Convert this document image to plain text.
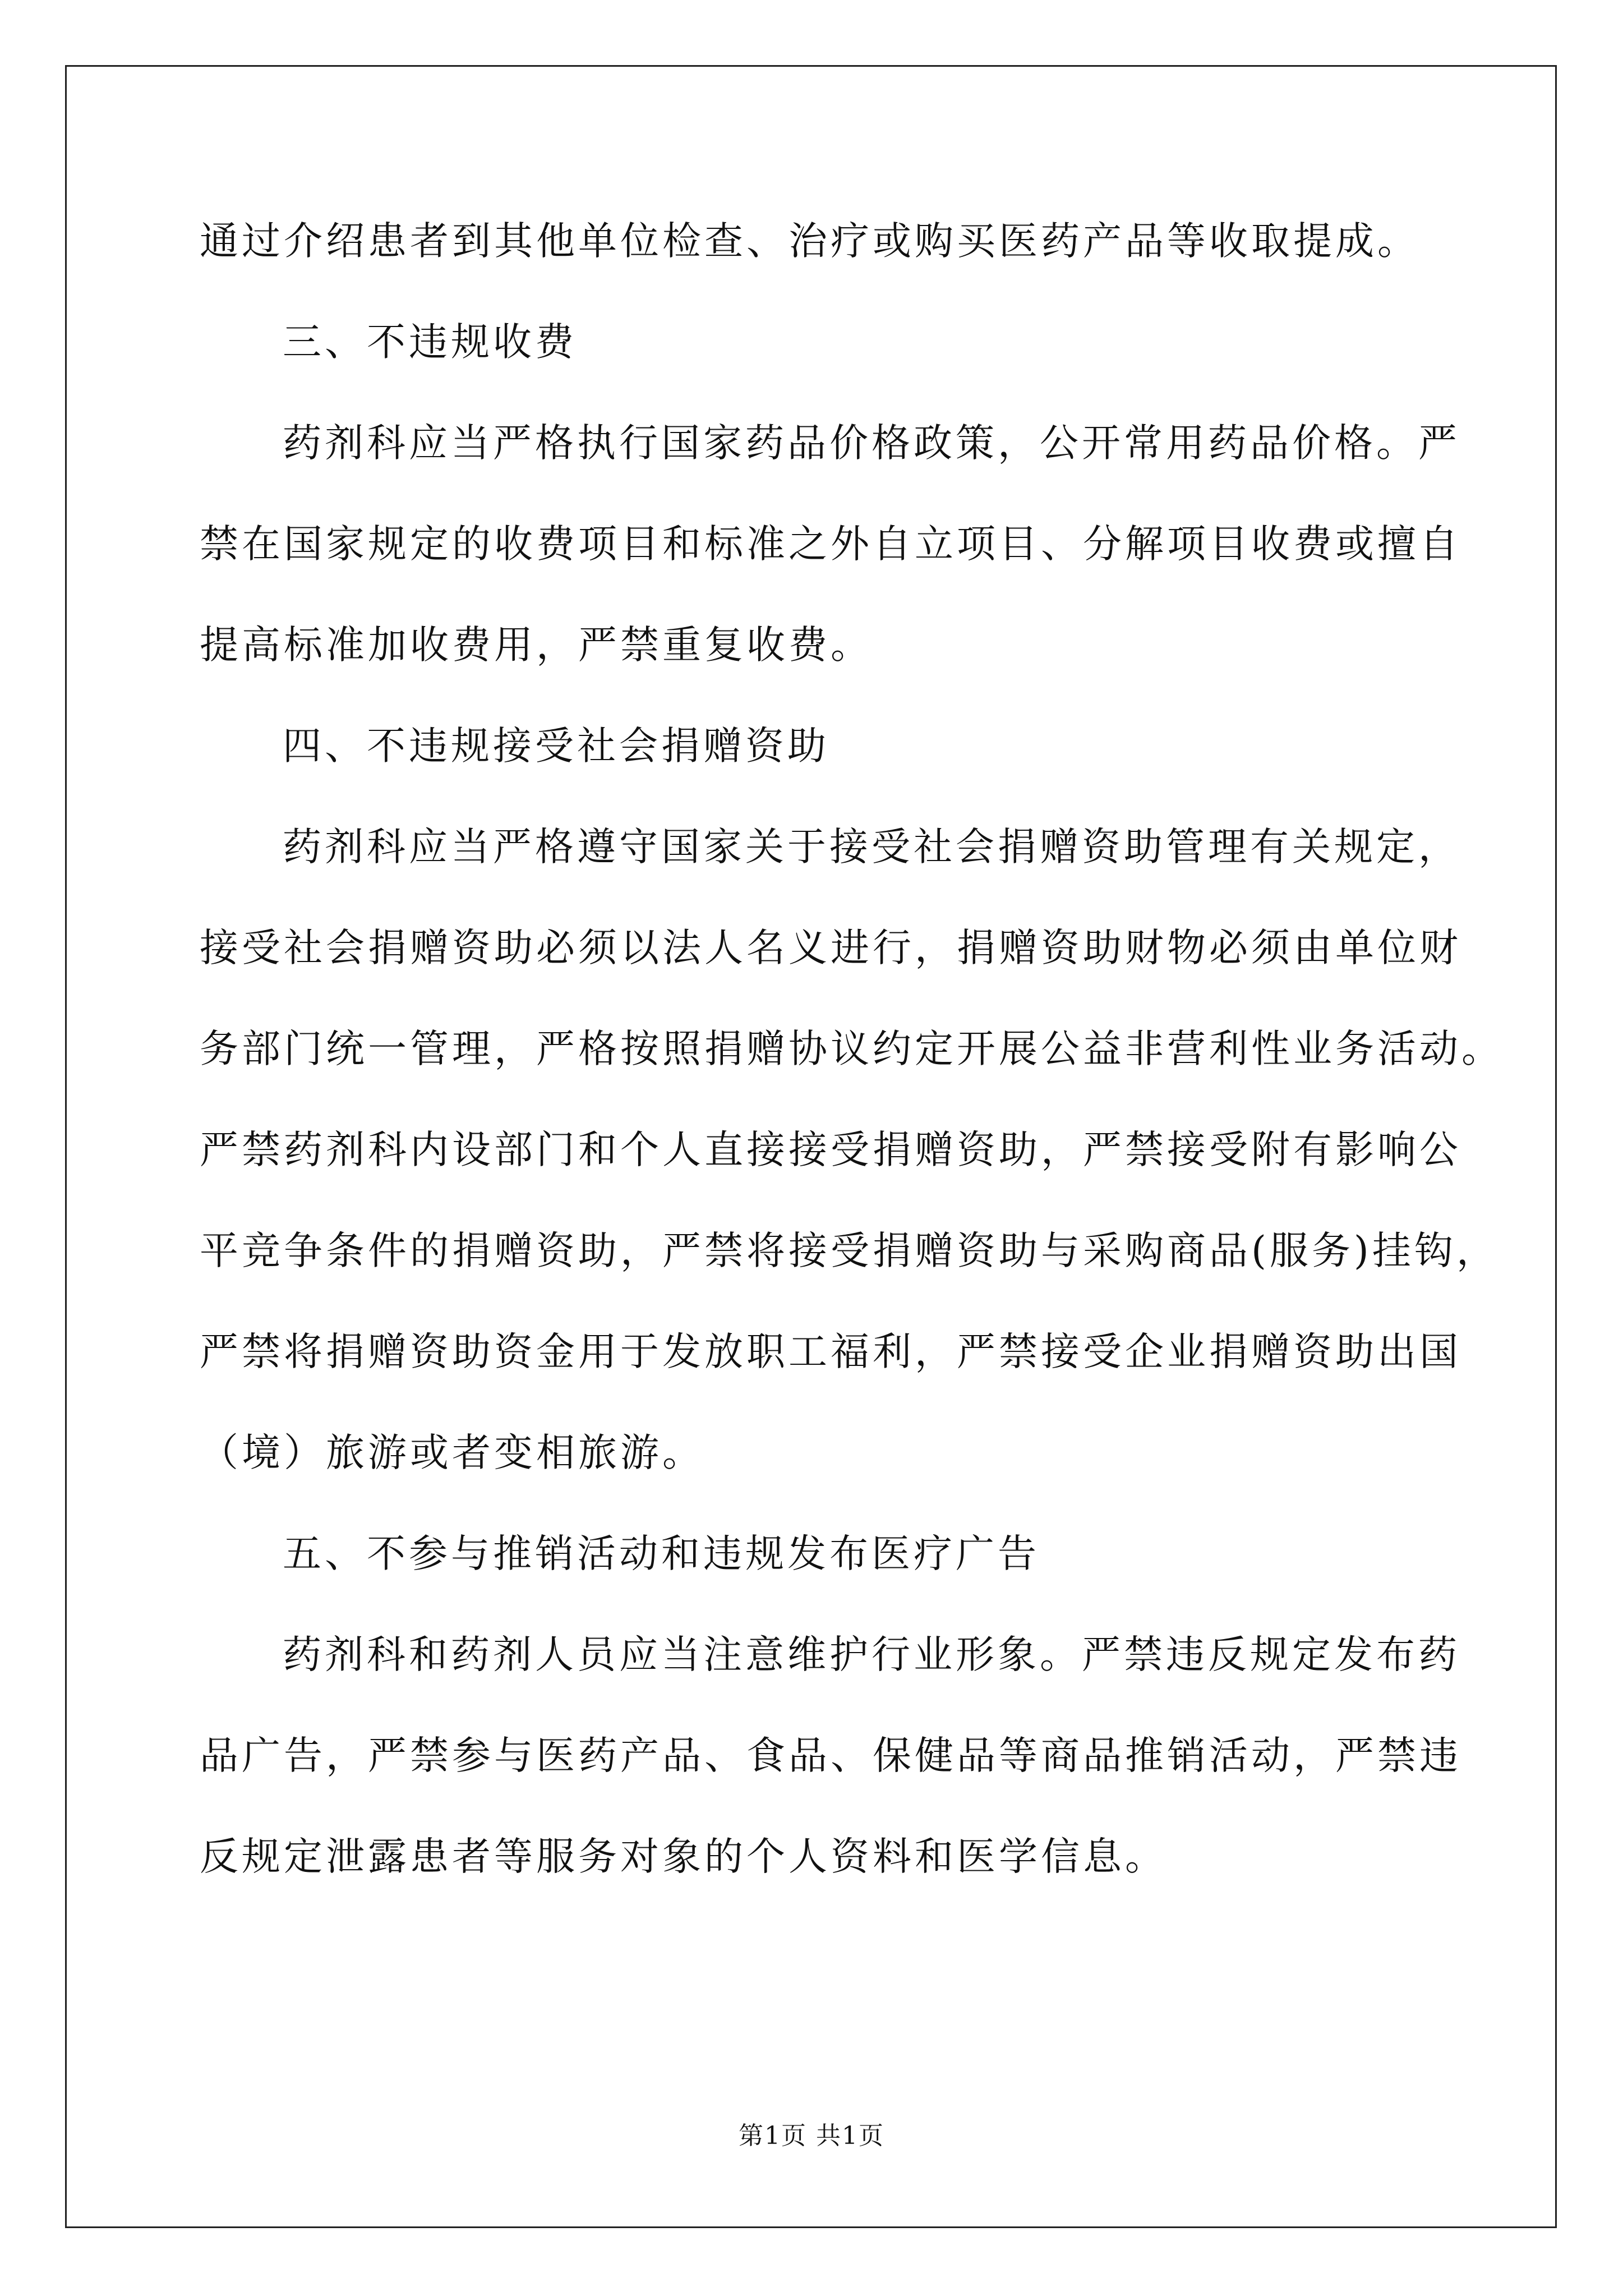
通过介绍患者到其他单位检查、治疗或购买医药产品等收取提成。
三、不违规收费
药剂科应当严格执行国家药品价格政策，公开常用药品价格。严
禁在国家规定的收费项目和标准之外自立项目、分解项目收费或擅自
提高标准加收费用，严禁重复收费。
四、不违规接受社会捐赠资助
药剂科应当严格遵守国家关于接受社会捐赠资助管理有关规定，
接受社会捐赠资助必须以法人名义进行，捐赠资助财物必须由单位财
务部门统一管理，严格按照捐赠协议约定开展公益非营利性业务活动。
严禁药剂科内设部门和个人直接接受捐赠资助，严禁接受附有影响公
平竞争条件的捐赠资助，严禁将接受捐赠资助与采购商品(服务)挂钩，
严禁将捐赠资助资金用于发放职工福利，严禁接受企业捐赠资助出国
（境）旅游或者变相旅游。
五、不参与推销活动和违规发布医疗广告
药剂科和药剂人员应当注意维护行业形象。严禁违反规定发布药
品广告，严禁参与医药产品、食品、保健品等商品推销活动，严禁违
反规定泄露患者等服务对象的个人资料和医学信息。
第1页 共1页
